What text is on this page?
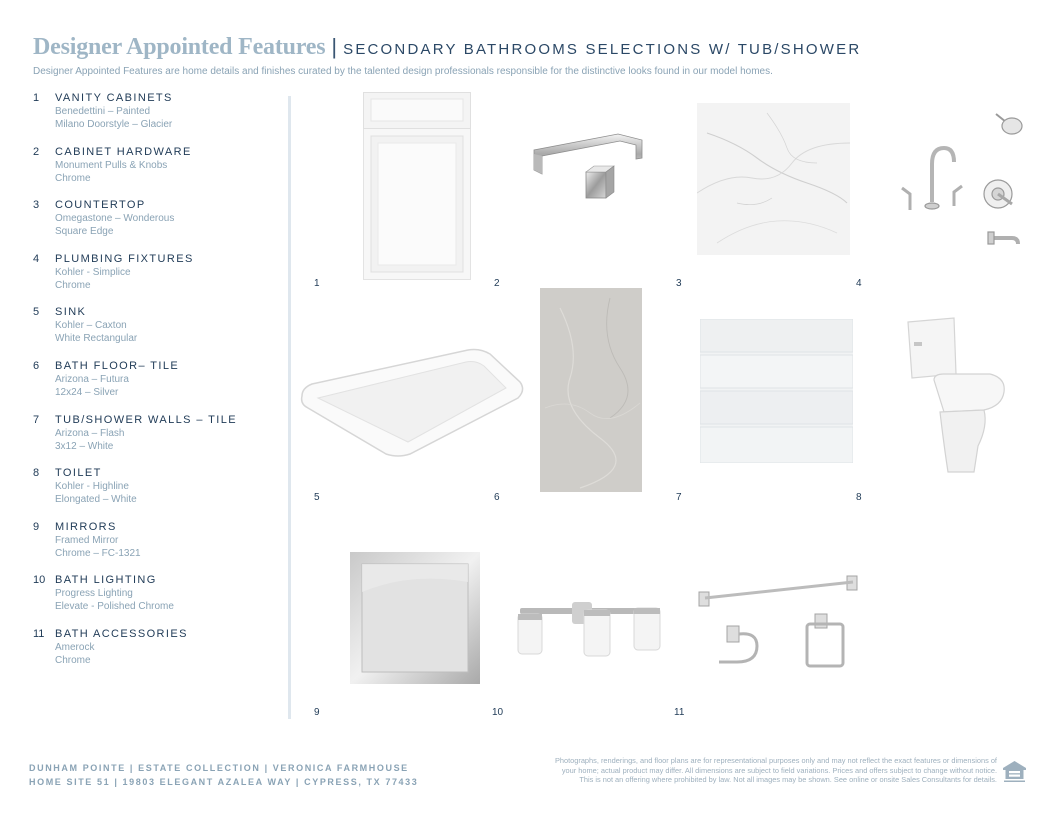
Designer Appointed Features | SECONDARY BATHROOMS SELECTIONS W/ TUB/SHOWER
Designer Appointed Features are home details and finishes curated by the talented design professionals responsible for the distinctive looks found in our model homes.
1 VANITY CABINETS
Benedettini – Painted
Milano Doorstyle – Glacier
2 CABINET HARDWARE
Monument Pulls & Knobs
Chrome
3 COUNTERTOP
Omegastone – Wonderous
Square Edge
4 PLUMBING FIXTURES
Kohler - Simplice
Chrome
5 SINK
Kohler – Caxton
White Rectangular
6 BATH FLOOR– TILE
Arizona – Futura
12x24 – Silver
7 TUB/SHOWER WALLS – TILE
Arizona – Flash
3x12 – White
8 TOILET
Kohler - Highline
Elongated – White
9 MIRRORS
Framed Mirror
Chrome – FC-1321
10 BATH LIGHTING
Progress Lighting
Elevate - Polished Chrome
11 BATH ACCESSORIES
Amerock
Chrome
1	2	3	4
5	6	7	8
9	10	11
DUNHAM POINTE | ESTATE COLLECTION | VERONICA FARMHOUSE
HOME SITE 51 | 19803 ELEGANT AZALEA WAY | CYPRESS, TX 77433
Photographs, renderings, and floor plans are for representational purposes only and may not reflect the exact features or dimensions of
your home; actual product may differ. All dimensions are subject to field variations. Prices and offers subject to change without notice.
This is not an offering where prohibited by law. Not all images may be shown. See online or onsite Sales Consultants for details.
